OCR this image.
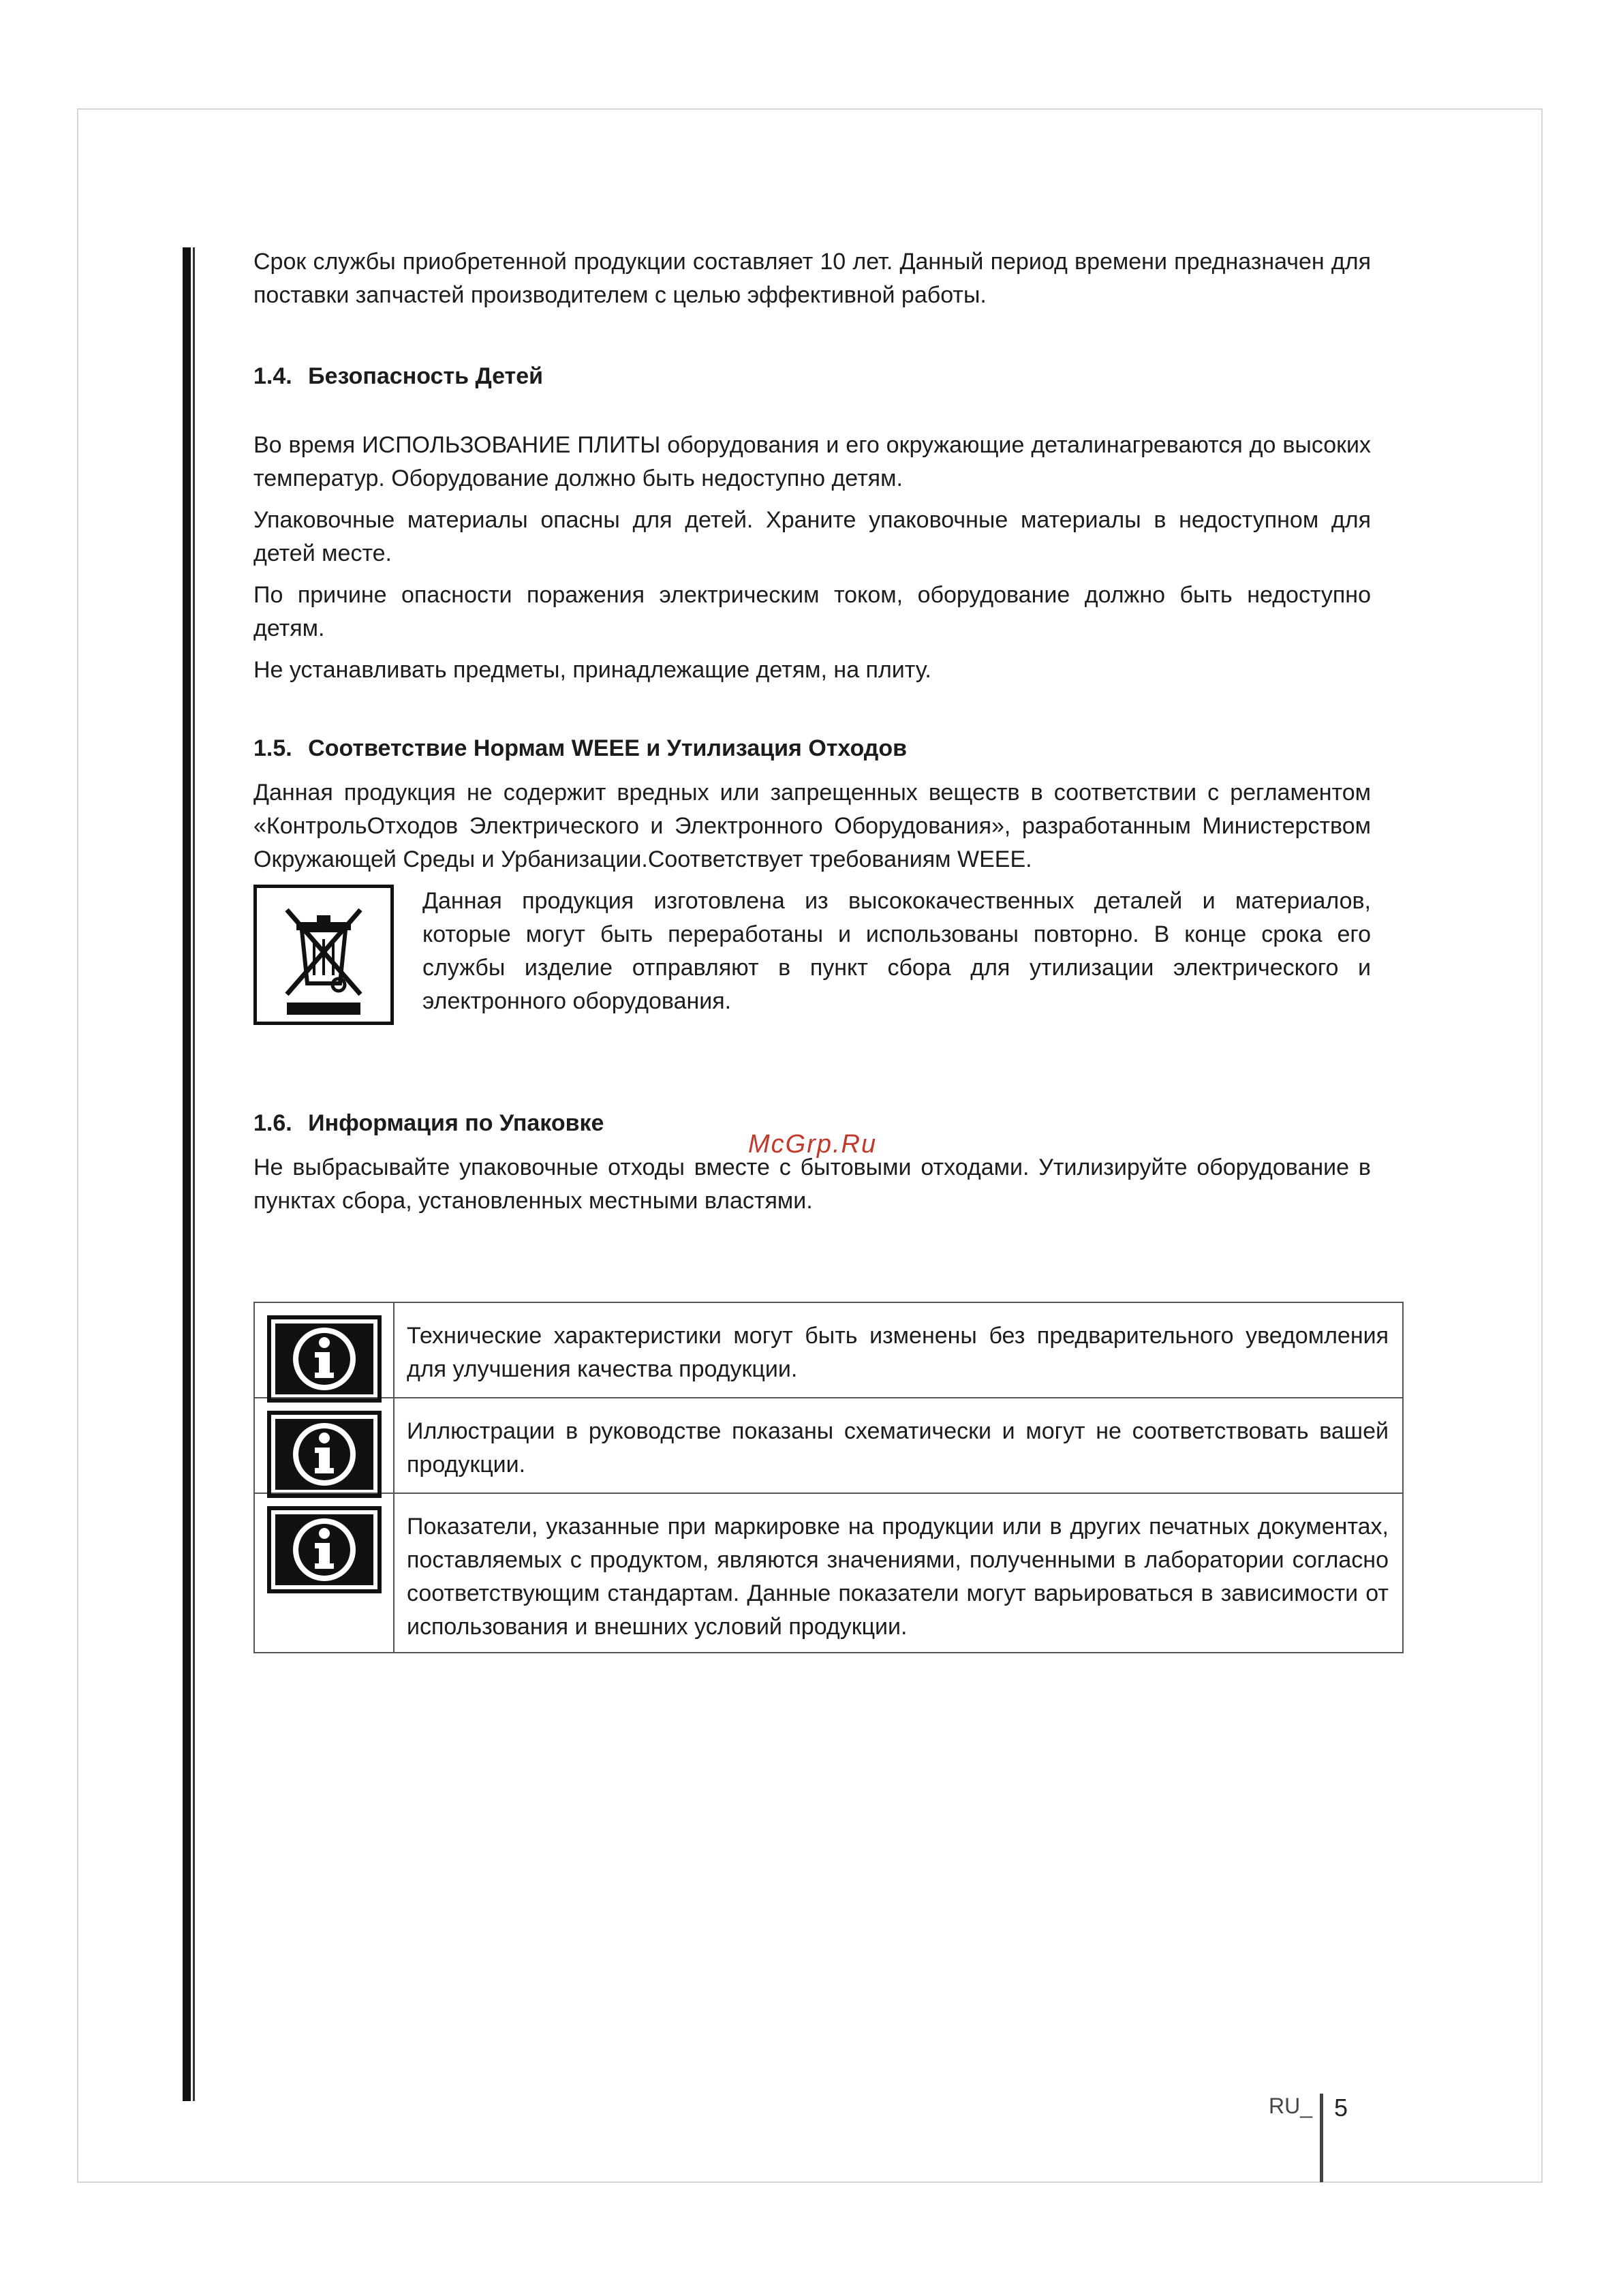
Срок службы приобретенной продукции составляет 10 лет. Данный период времени предназначен для поставки запчастей производителем с целью эффективной работы.

1.4. Безопасность Детей

Во время ИСПОЛЬЗОВАНИЕ ПЛИТЫ оборудования и его окружающие деталинагреваются до высоких температур. Оборудование должно быть недоступно детям.

Упаковочные материалы опасны для детей. Храните упаковочные материалы в недоступном для детей месте.

По причине опасности поражения электрическим током, оборудование должно быть недоступно детям.

Не устанавливать предметы, принадлежащие детям, на плиту.

1.5. Соответствие Нормам WEEE и Утилизация Отходов

Данная продукция не содержит вредных или запрещенных веществ в соответствии с регламентом «КонтрольОтходов Электрического и Электронного Оборудования», разработанным Министерством Окружающей Среды и Урбанизации.Соответствует требованиям WEEE.

Данная продукция изготовлена из высококачественных деталей и материалов, которые могут быть переработаны и использованы повторно. В конце срока его службы изделие отправляют в пункт сбора для утилизации электрического и электронного оборудования.

1.6. Информация по Упаковке

Не выбрасывайте упаковочные отходы вместе с бытовыми отходами. Утилизируйте оборудование в пунктах сбора, установленных местными властями.

McGrp.Ru
	Технические характеристики могут быть изменены без предварительного уведомления для улучшения качества продукции.

	Иллюстрации в руководстве показаны схематически и могут не соответствовать вашей продукции.

	Показатели, указанные при маркировке на продукции или в других печатных документах, поставляемых с продуктом, являются значениями, полученными в лаборатории согласно соответствующим стандартам. Данные показатели могут варьироваться в зависимости от использования и внешних условий продукции.
RU_ 5
